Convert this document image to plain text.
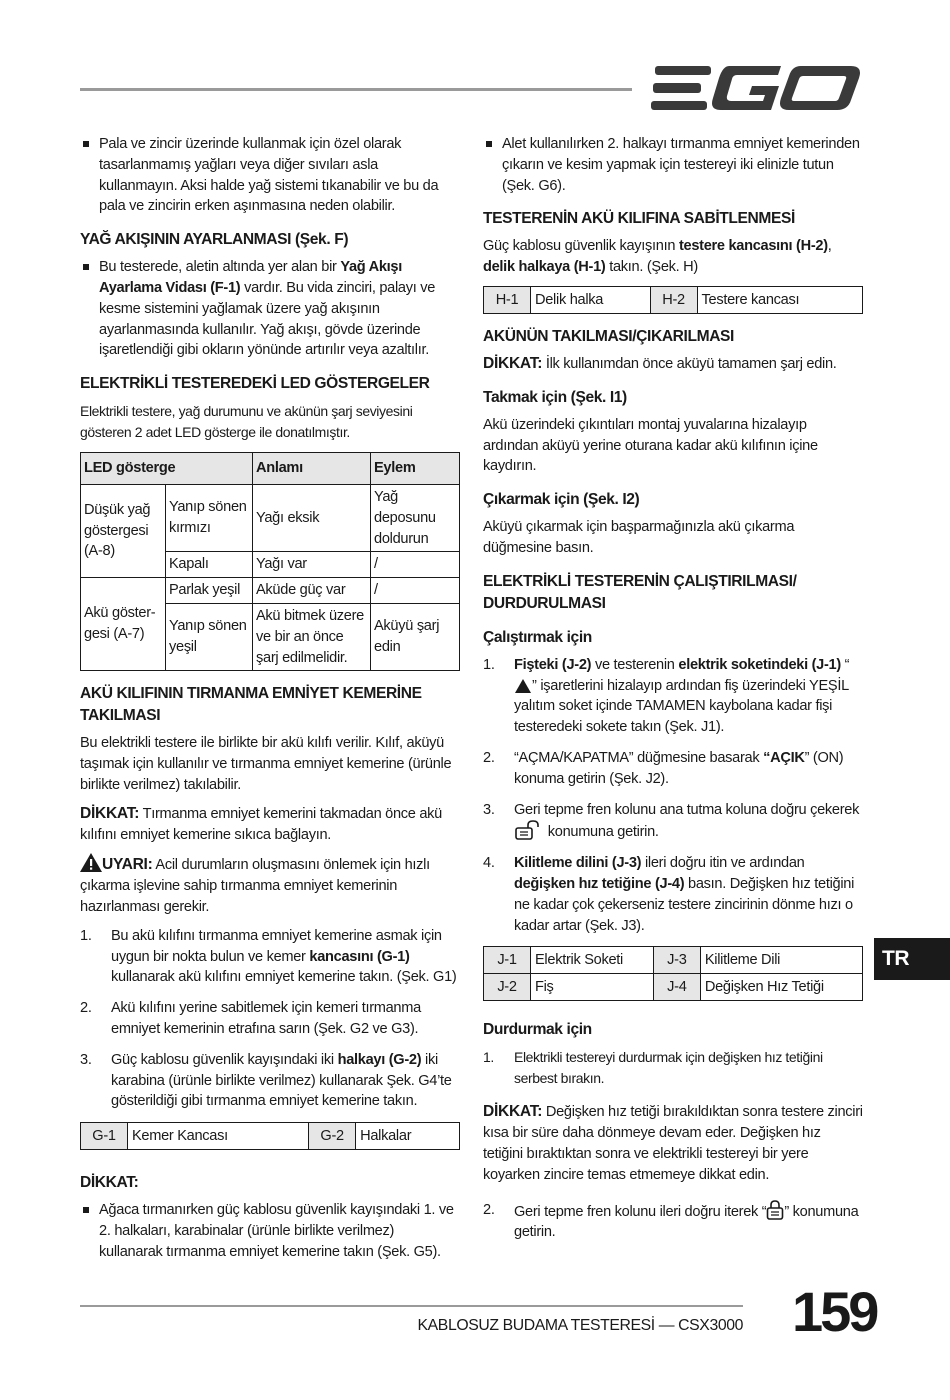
Pala ve zincir üzerinde kullanmak için özel olarak tasarlanmamış yağları veya diğer sıvıları asla kullanmayın. Aksi halde yağ sistemi tıkanabilir ve bu da pala ve zincirin erken aşınmasına neden olabilir.
YAĞ AKIŞININ AYARLANMASI (Şek. F)
Bu testerede, aletin altında yer alan bir Yağ Akışı Ayarlama Vidası (F-1) vardır. Bu vida zinciri, palayı ve kesme sistemini yağlamak üzere yağ akışının ayarlanmasında kullanılır. Yağ akışı, gövde üzerinde işaretlendiği gibi okların yönünde artırılır veya azaltılır.
ELEKTRİKLİ TESTEREDEKİ LED GÖSTERGELER

Elektrikli testere, yağ durumunu ve akünün şarj seviyesini gösteren 2 adet LED gösterge ile donatılmıştır.

LED gösterge		Anlamı	Eylem
Düşük yağ göstergesi (A-8)	Yanıp sönen kırmızı	Yağı eksik	Yağ deposunu doldurun
	Kapalı	Yağı var	/
Akü göster-gesi (A-7)	Parlak yeşil	Aküde güç var	/
	Yanıp sönen yeşil	Akü bitmek üzere ve bir an önce şarj edilmelidir.	Aküyü şarj edin
AKÜ KILIFININ TIRMANMA EMNİYET KEMERİNE TAKILMASI

Bu elektrikli testere ile birlikte bir akü kılıfı verilir. Kılıf, aküyü taşımak için kullanılır ve tırmanma emniyet kemerine (ürünle birlikte verilmez) takılabilir.

DİKKAT: Tırmanma emniyet kemerini takmadan önce akü kılıfını emniyet kemerine sıkıca bağlayın.

UYARI: Acil durumların oluşmasını önlemek için hızlı çıkarma işlevine sahip tırmanma emniyet kemerinin hazırlanması gerekir.

1. Bu akü kılıfını tırmanma emniyet kemerine asmak için uygun bir nokta bulun ve kemer kancasını (G-1) kullanarak akü kılıfını emniyet kemerine takın. (Şek. G1)
2. Akü kılıfını yerine sabitlemek için kemeri tırmanma emniyet kemerinin etrafına sarın (Şek. G2 ve G3).
3. Güç kablosu güvenlik kayışındaki iki halkayı (G-2) iki karabina (ürünle birlikte verilmez) kullanarak Şek. G4’te gösterildiği gibi tırmanma emniyet kemerine takın.
G-1	Kemer Kancası	G-2	Halkalar
DİKKAT:
Ağaca tırmanırken güç kablosu güvenlik kayışındaki 1. ve 2. halkaları, karabinalar (ürünle birlikte verilmez) kullanarak tırmanma emniyet kemerine takın (Şek. G5).
Alet kullanılırken 2. halkayı tırmanma emniyet kemerinden çıkarın ve kesim yapmak için testereyi iki elinizle tutun (Şek. G6).
TESTERENİN AKÜ KILIFINA SABİTLENMESİ

Güç kablosu güvenlik kayışının testere kancasını (H-2), delik halkaya (H-1) takın. (Şek. H)

H-1	Delik halka	H-2	Testere kancası
AKÜNÜN TAKILMASI/ÇIKARILMASI

DİKKAT: İlk kullanımdan önce aküyü tamamen şarj edin.

Takmak için (Şek. I1)

Akü üzerindeki çıkıntıları montaj yuvalarına hizalayıp ardından aküyü yerine oturana kadar akü kılıfının içine kaydırın.

Çıkarmak için (Şek. I2)

Aküyü çıkarmak için başparmağınızla akü çıkarma düğmesine basın.

ELEKTRİKLİ TESTERENİN ÇALIŞTIRILMASI/ DURDURULMASI
Çalıştırmak için
1. Fişteki (J-2) ve testerenin elektrik soketindeki (J-1) “” işaretlerini hizalayıp ardından fiş üzerindeki YEŞİL yalıtım soket içinde TAMAMEN kaybolana kadar fişi testeredeki sokete takın (Şek. J1).
2. “AÇMA/KAPATMA” düğmesine basarak “AÇIK” (ON) konuma getirin (Şek. J2).
3. Geri tepme fren kolunu ana tutma koluna doğru çekerek  konumuna getirin.
4. Kilitleme dilini (J-3) ileri doğru itin ve ardından değişken hız tetiğine (J-4) basın. Değişken hız tetiğini ne kadar çok çekerseniz testere zincirinin dönme hızı o kadar artar (Şek. J3).
J-1	Elektrik Soketi	J-3	Kilitleme Dili
J-2	Fiş	J-4	Değişken Hız Tetiği
Durdurmak için
1. Elektrikli testereyi durdurmak için değişken hız tetiğini serbest bırakın.

DİKKAT: Değişken hız tetiği bırakıldıktan sonra testere zinciri kısa bir süre daha dönmeye devam eder. Değişken hız tetiğini bıraktıktan sonra ve elektrikli testereyi bir yere koyarken zincire temas etmemeye dikkat edin.

2. Geri tepme fren kolunu ileri doğru iterek “ ” konumuna getirin.
TR
KABLOSUZ BUDAMA TESTERESİ — CSX3000 159
